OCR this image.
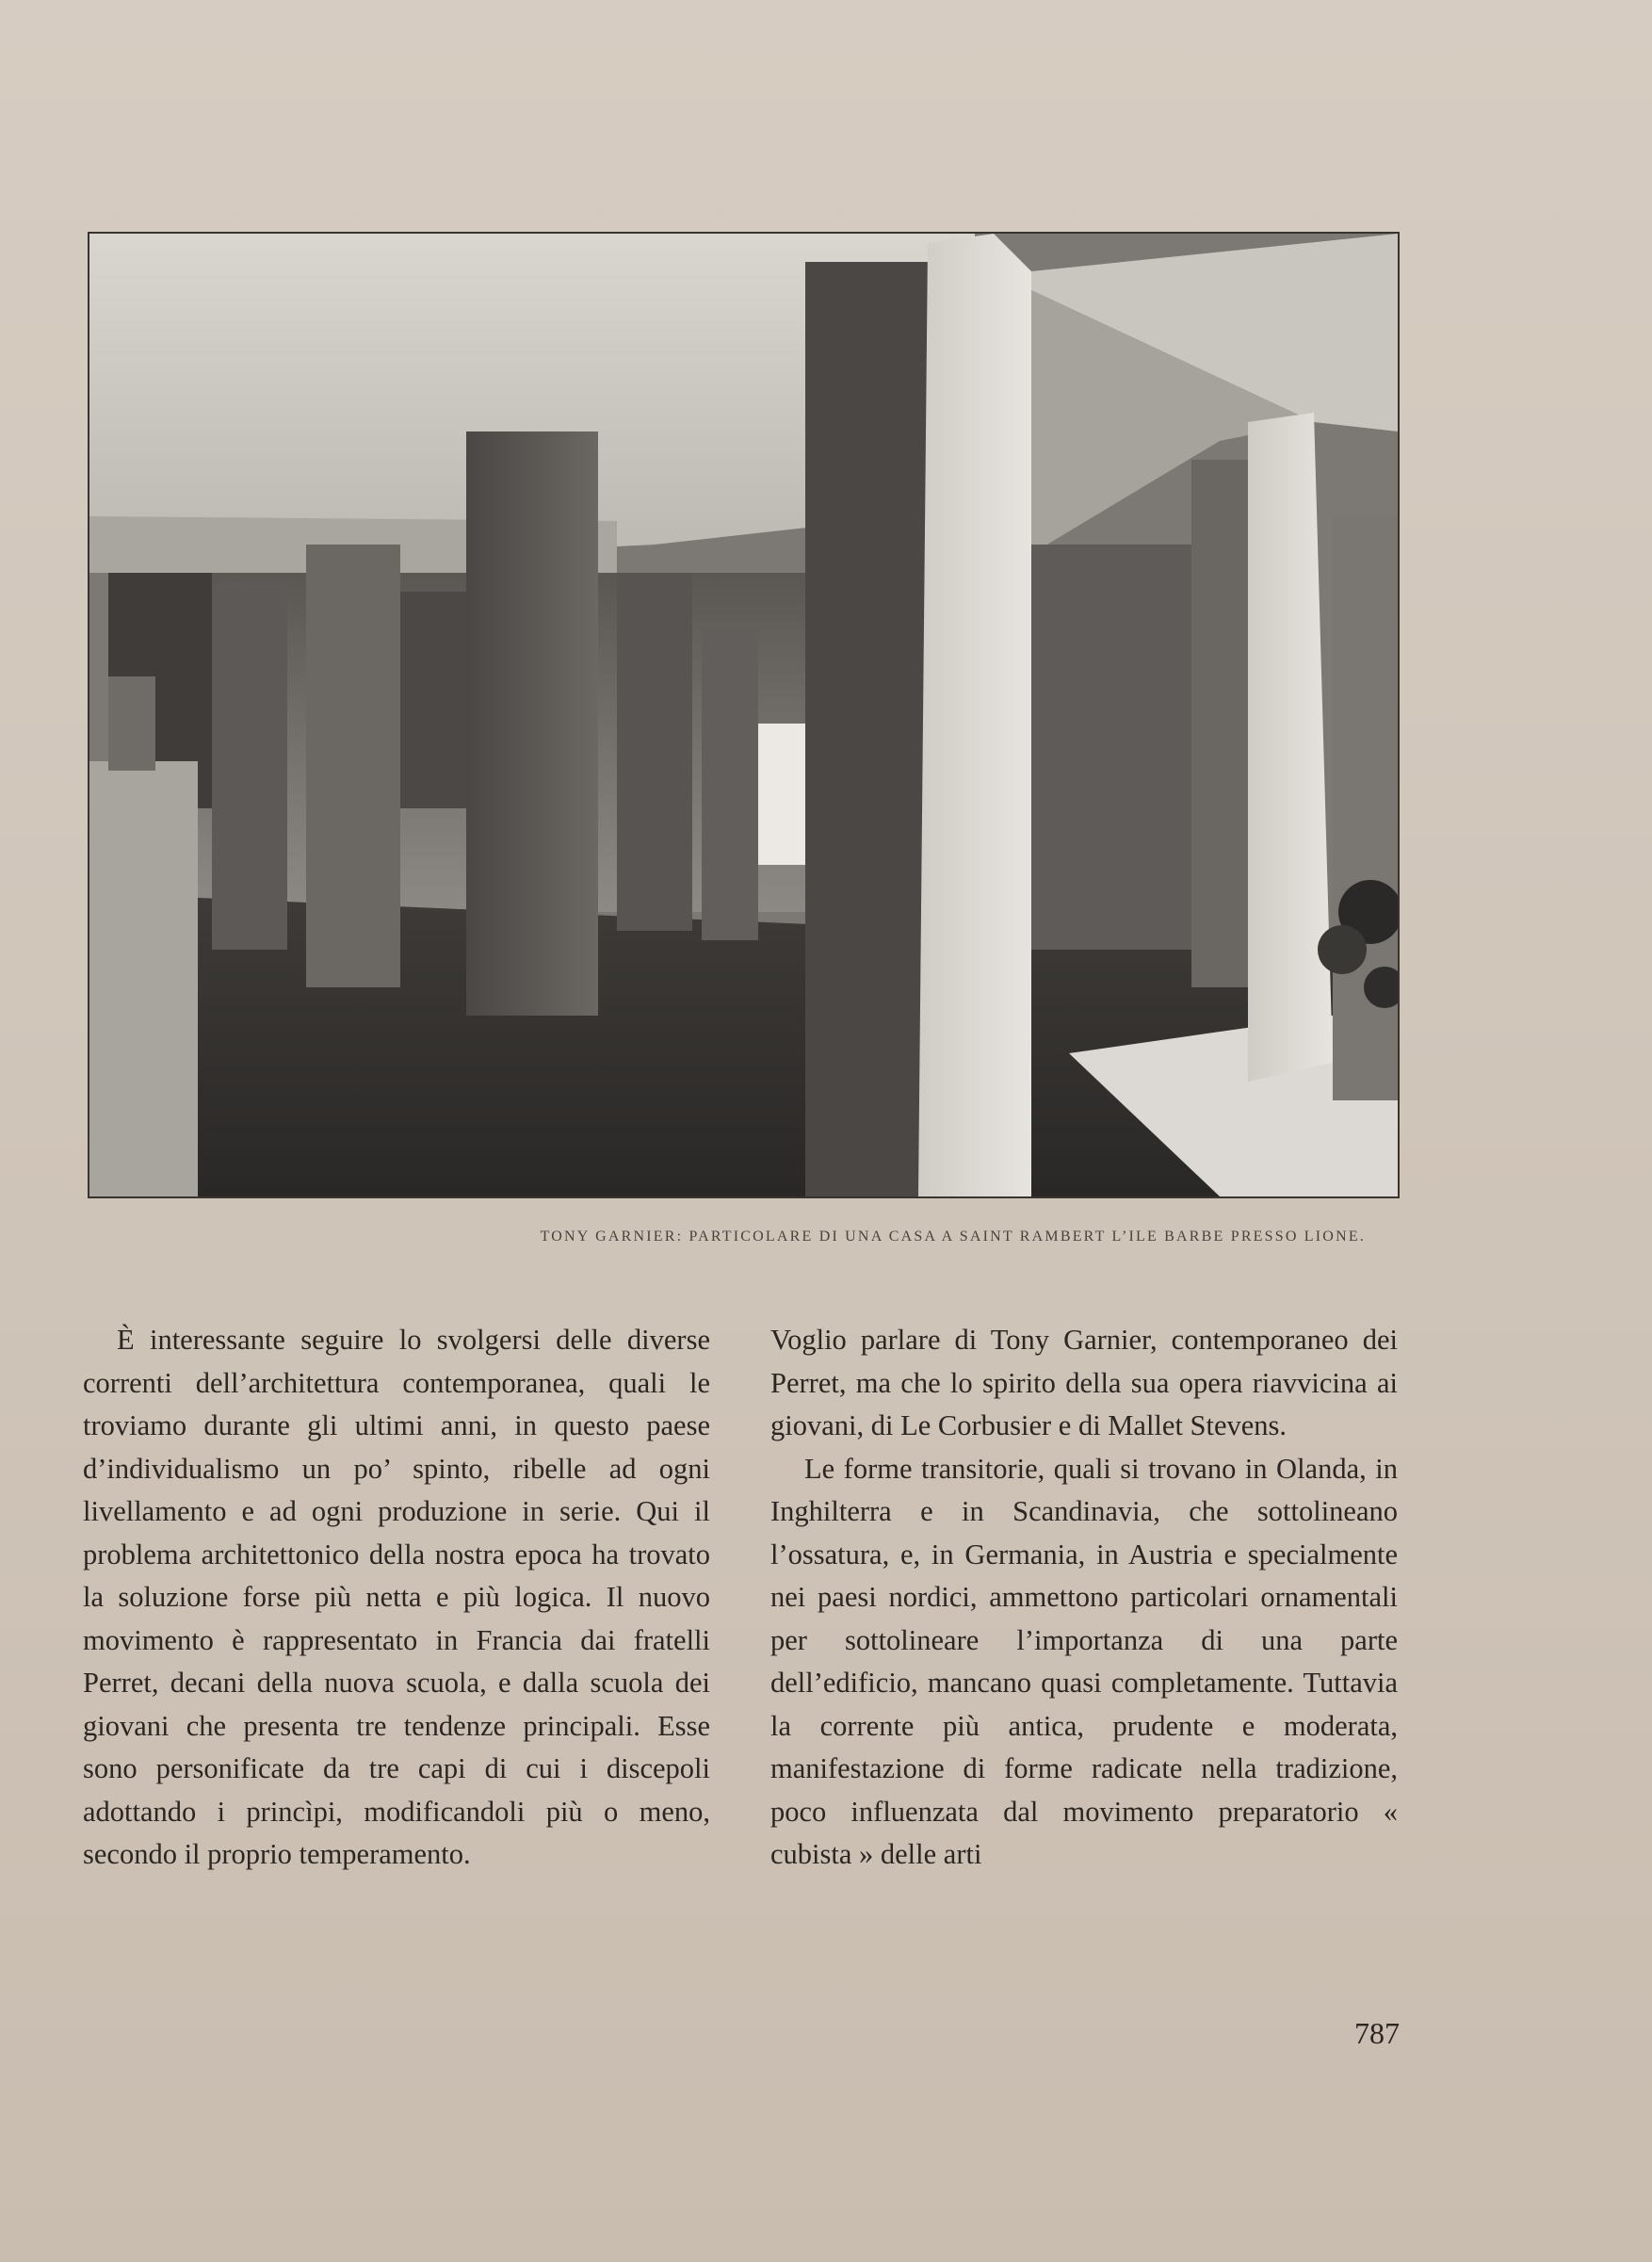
TONY GARNIER: PARTICOLARE DI UNA CASA A SAINT RAMBERT L’ILE BARBE PRESSO LIONE.

È interessante seguire lo svolgersi delle diverse correnti dell’architettura contemporanea, quali le troviamo durante gli ultimi anni, in questo paese d’individualismo un po’ spinto, ribelle ad ogni livellamento e ad ogni produzione in serie. Qui il problema architettonico della nostra epoca ha trovato la soluzione forse più netta e più logica. Il nuovo movimento è rappresentato in Francia dai fratelli Perret, decani della nuova scuola, e dalla scuola dei giovani che presenta tre tendenze principali. Esse sono personificate da tre capi di cui i discepoli adottando i princìpi, modificandoli più o meno, secondo il proprio temperamento.

Voglio parlare di Tony Garnier, contemporaneo dei Perret, ma che lo spirito della sua opera riavvicina ai giovani, di Le Corbusier e di Mallet Stevens.

Le forme transitorie, quali si trovano in Olanda, in Inghilterra e in Scandinavia, che sottolineano l’ossatura, e, in Germania, in Austria e specialmente nei paesi nordici, ammettono particolari ornamentali per sottolineare l’importanza di una parte dell’edificio, mancano quasi completamente. Tuttavia la corrente più antica, prudente e moderata, manifestazione di forme radicate nella tradizione, poco influenzata dal movimento preparatorio « cubista » delle arti

787
